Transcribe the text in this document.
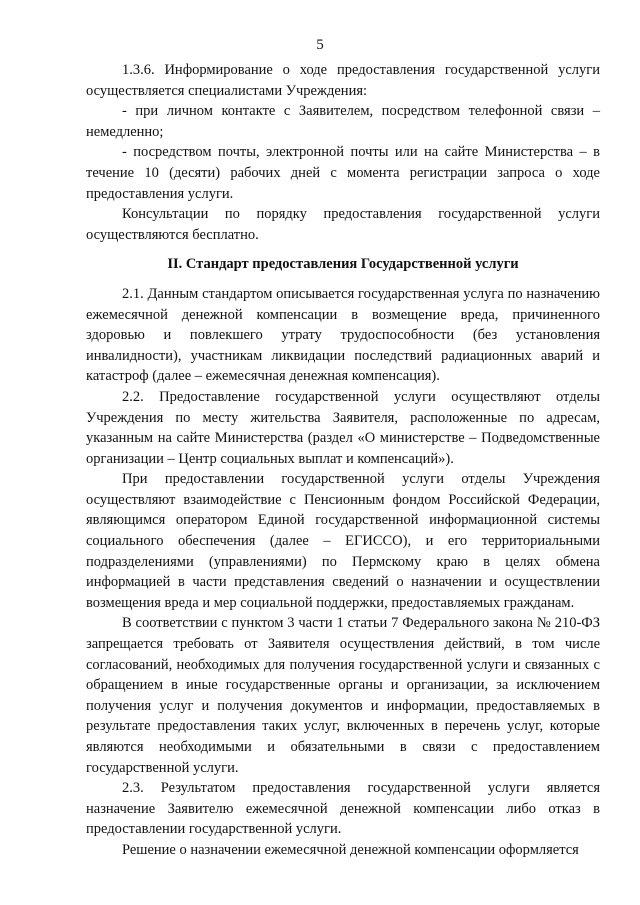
5

1.3.6. Информирование о ходе предоставления государственной услуги осуществляется специалистами Учреждения:

- при личном контакте с Заявителем, посредством телефонной связи – немедленно;

- посредством почты, электронной почты или на сайте Министерства – в течение 10 (десяти) рабочих дней с момента регистрации запроса о ходе предоставления услуги.

Консультации по порядку предоставления государственной услуги осуществляются бесплатно.

II. Стандарт предоставления Государственной услуги

2.1. Данным стандартом описывается государственная услуга по назначению ежемесячной денежной компенсации в возмещение вреда, причиненного здоровью и повлекшего утрату трудоспособности (без установления инвалидности), участникам ликвидации последствий радиационных аварий и катастроф (далее – ежемесячная денежная компенсация).

2.2. Предоставление государственной услуги осуществляют отделы Учреждения по месту жительства Заявителя, расположенные по адресам, указанным на сайте Министерства (раздел «О министерстве – Подведомственные организации – Центр социальных выплат и компенсаций»).

При предоставлении государственной услуги отделы Учреждения осуществляют взаимодействие с Пенсионным фондом Российской Федерации, являющимся оператором Единой государственной информационной системы социального обеспечения (далее – ЕГИССО), и его территориальными подразделениями (управлениями) по Пермскому краю в целях обмена информацией в части представления сведений о назначении и осуществлении возмещения вреда и мер социальной поддержки, предоставляемых гражданам.

В соответствии с пунктом 3 части 1 статьи 7 Федерального закона № 210-ФЗ запрещается требовать от Заявителя осуществления действий, в том числе согласований, необходимых для получения государственной услуги и связанных с обращением в иные государственные органы и организации, за исключением получения услуг и получения документов и информации, предоставляемых в результате предоставления таких услуг, включенных в перечень услуг, которые являются необходимыми и обязательными в связи с предоставлением государственной услуги.

2.3. Результатом предоставления государственной услуги является назначение Заявителю ежемесячной денежной компенсации либо отказ в предоставлении государственной услуги.

Решение о назначении ежемесячной денежной компенсации оформляется
